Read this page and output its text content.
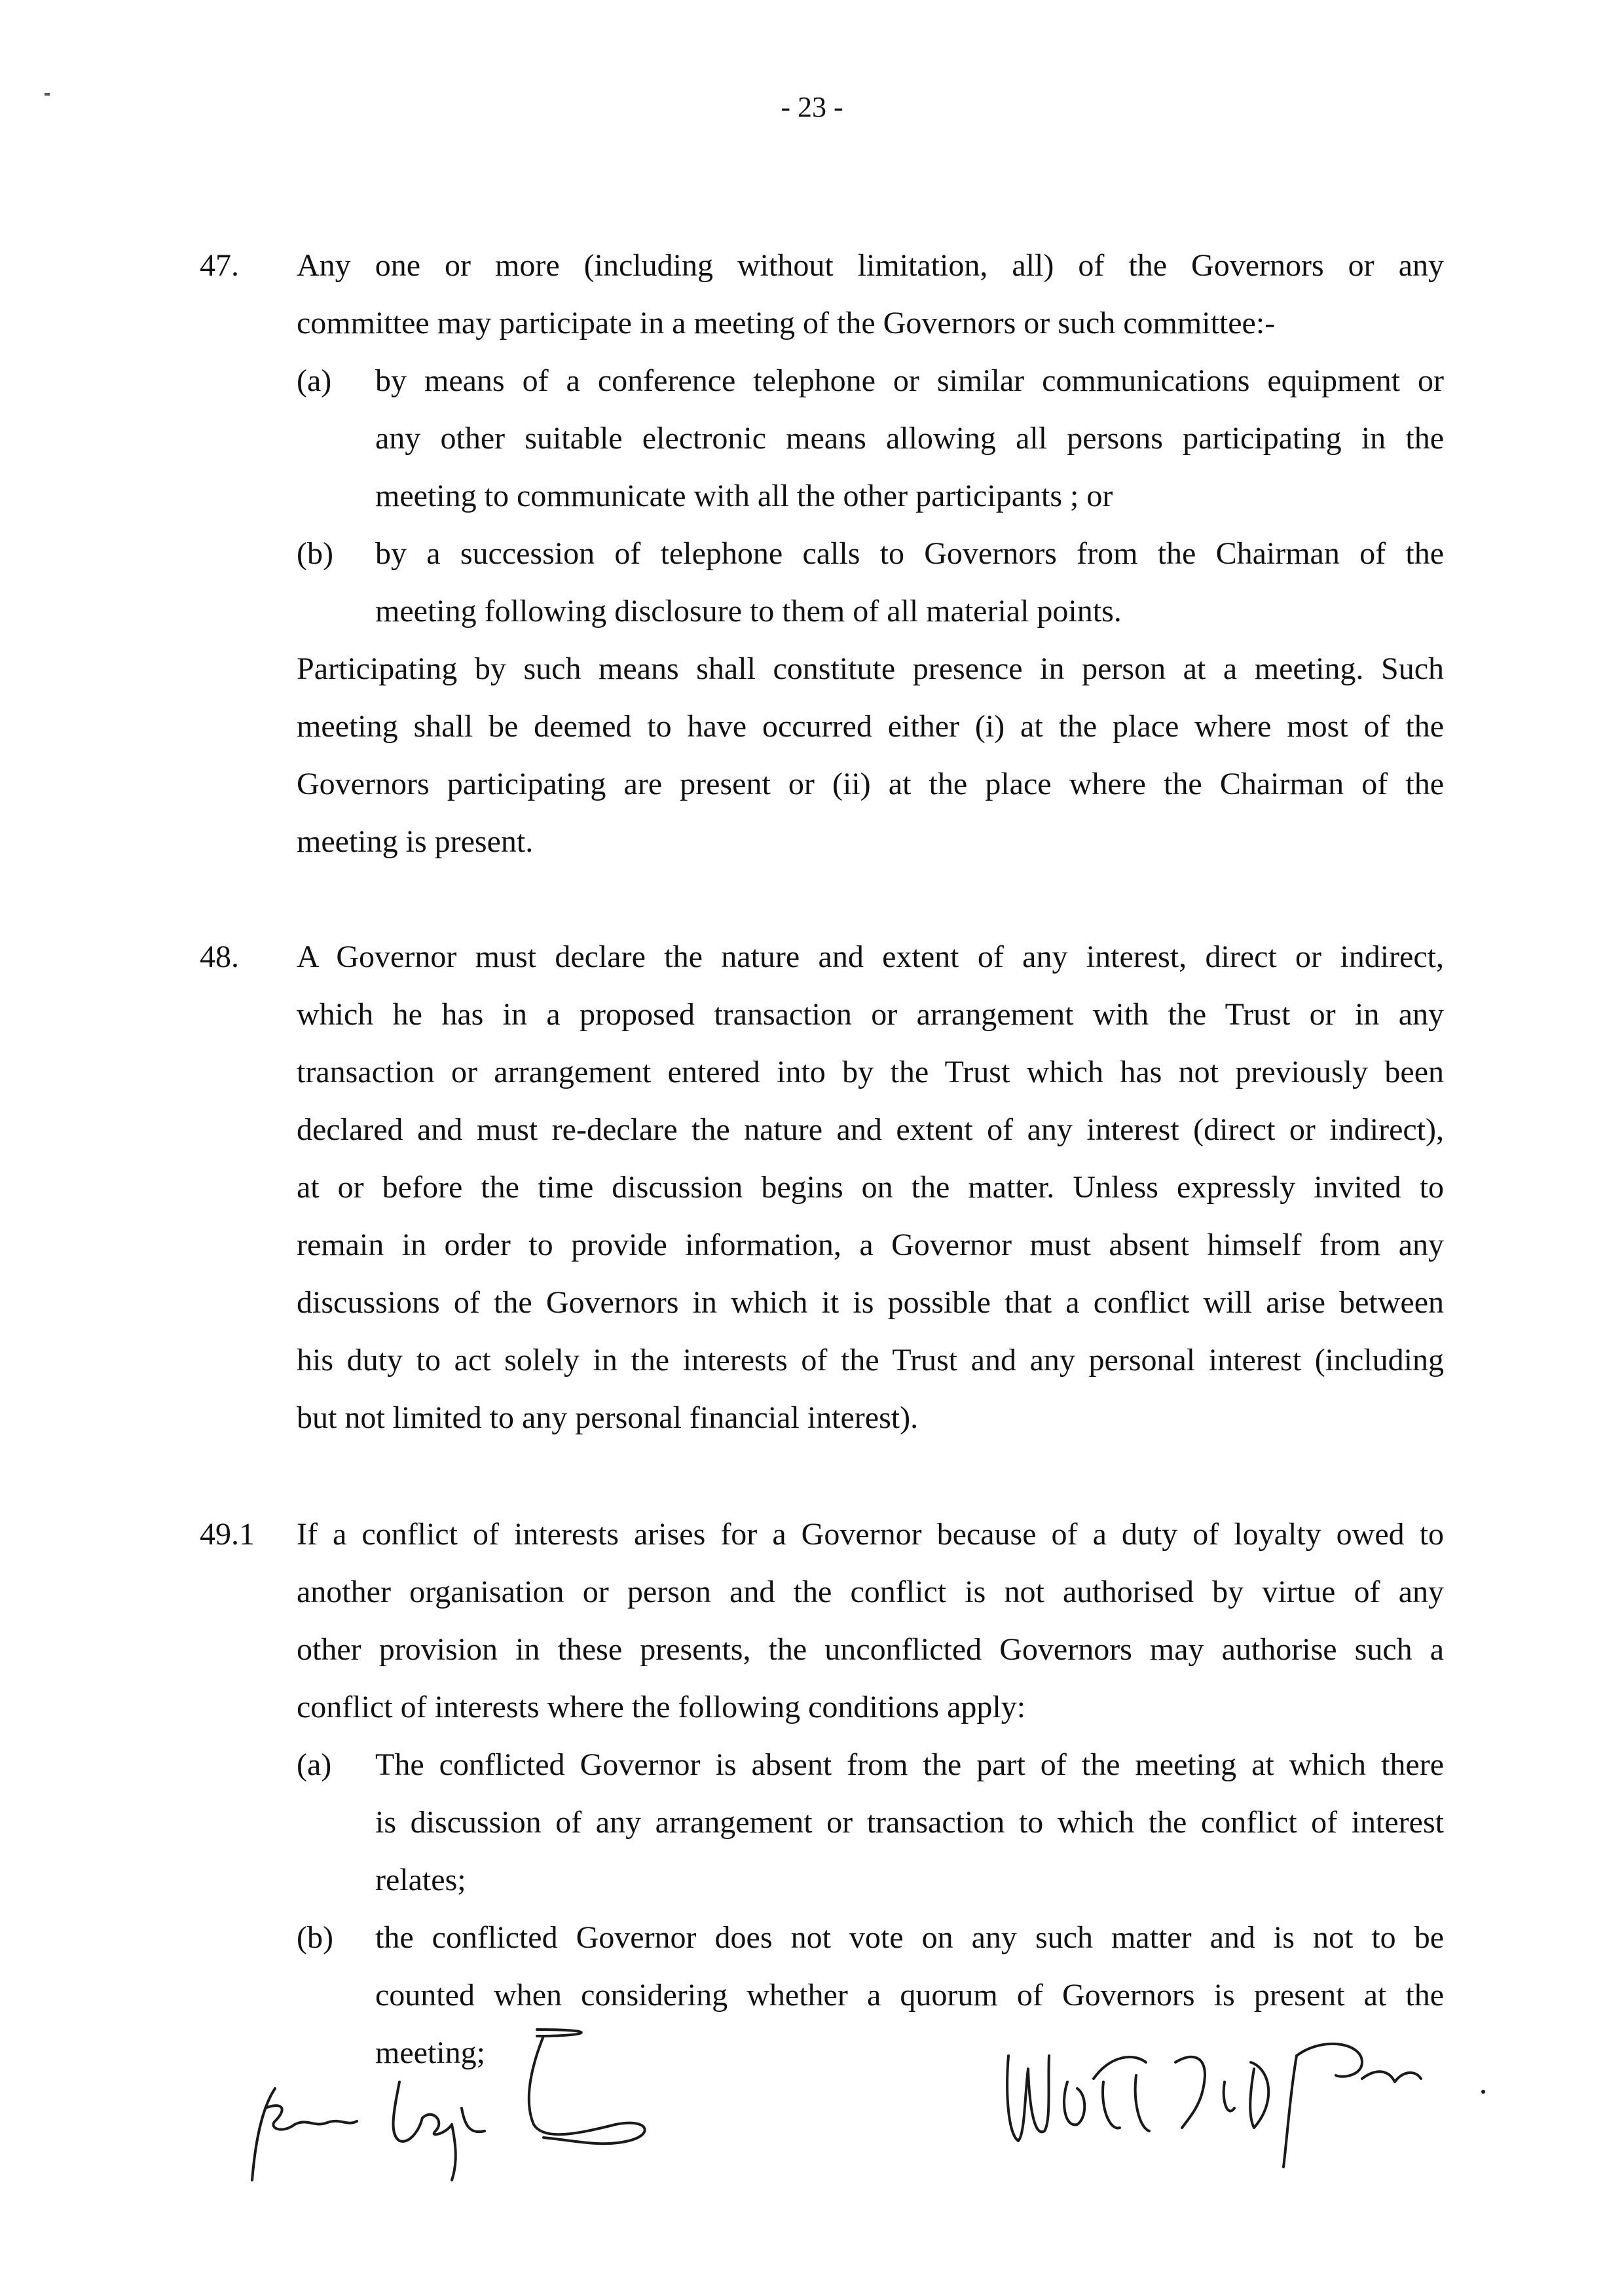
- 23 -
47. Any one or more (including without limitation, all) of the Governors or any
committee may participate in a meeting of the Governors or such committee:-
(a) by means of a conference telephone or similar communications equipment or
any other suitable electronic means allowing all persons participating in the
meeting to communicate with all the other participants ; or
(b) by a succession of telephone calls to Governors from the Chairman of the
meeting following disclosure to them of all material points.
Participating by such means shall constitute presence in person at a meeting. Such
meeting shall be deemed to have occurred either (i) at the place where most of the
Governors participating are present or (ii) at the place where the Chairman of the
meeting is present.
48. A Governor must declare the nature and extent of any interest, direct or indirect,
which he has in a proposed transaction or arrangement with the Trust or in any
transaction or arrangement entered into by the Trust which has not previously been
declared and must re-declare the nature and extent of any interest (direct or indirect),
at or before the time discussion begins on the matter. Unless expressly invited to
remain in order to provide information, a Governor must absent himself from any
discussions of the Governors in which it is possible that a conflict will arise between
his duty to act solely in the interests of the Trust and any personal interest (including
but not limited to any personal financial interest).
49.1 If a conflict of interests arises for a Governor because of a duty of loyalty owed to
another organisation or person and the conflict is not authorised by virtue of any
other provision in these presents, the unconflicted Governors may authorise such a
conflict of interests where the following conditions apply:
(a) The conflicted Governor is absent from the part of the meeting at which there
is discussion of any arrangement or transaction to which the conflict of interest
relates;
(b) the conflicted Governor does not vote on any such matter and is not to be
counted when considering whether a quorum of Governors is present at the
meeting;
